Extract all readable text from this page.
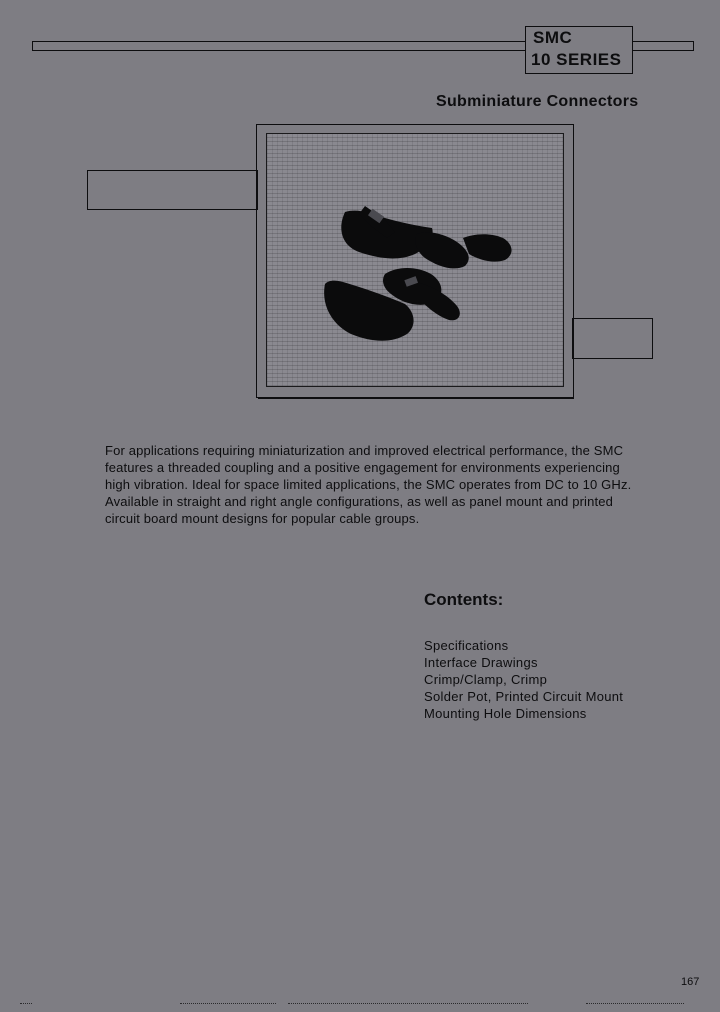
SMC
10 SERIES
Subminiature Connectors

For applications requiring miniaturization and improved electrical performance, the SMC features a threaded coupling and a positive engagement for environments experiencing high vibration. Ideal for space limited applications, the SMC operates from DC to 10 GHz. Available in straight and right angle configurations, as well as panel mount and printed circuit board mount designs for popular cable groups.

Contents:
Specifications
Interface Drawings
Crimp/Clamp, Crimp
Solder Pot, Printed Circuit Mount
Mounting Hole Dimensions
167
